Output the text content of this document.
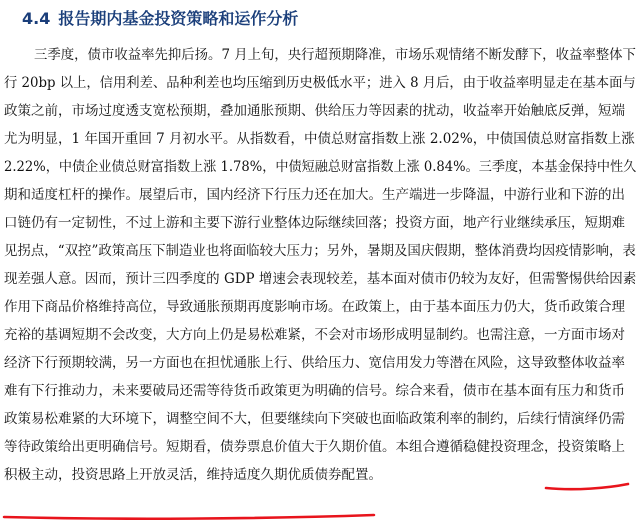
4.4 报告期内基金投资策略和运作分析
三季度，债市收益率先抑后扬。7 月上旬，央行超预期降准，市场乐观情绪不断发酵下，收益率整体下
行 20bp 以上，信用利差、品种利差也均压缩到历史极低水平；进入 8 月后，由于收益率明显走在基本面与
政策之前，市场过度透支宽松预期，叠加通胀预期、供给压力等因素的扰动，收益率开始触底反弹，短端
尤为明显，1 年国开重回 7 月初水平。从指数看，中债总财富指数上涨 2.02%，中债国债总财富指数上涨
2.22%，中债企业债总财富指数上涨 1.78%，中债短融总财富指数上涨 0.84%。三季度，本基金保持中性久
期和适度杠杆的操作。展望后市，国内经济下行压力还在加大。生产端进一步降温，中游行业和下游的出
口链仍有一定韧性，不过上游和主要下游行业整体边际继续回落；投资方面，地产行业继续承压，短期难
见拐点，“双控”政策高压下制造业也将面临较大压力；另外，暑期及国庆假期，整体消费均因疫情影响，表
现差强人意。因而，预计三四季度的 GDP 增速会表现较差，基本面对债市仍较为友好，但需警惕供给因素
作用下商品价格维持高位，导致通胀预期再度影响市场。在政策上，由于基本面压力仍大，货币政策合理
充裕的基调短期不会改变，大方向上仍是易松难紧，不会对市场形成明显制约。也需注意，一方面市场对
经济下行预期较满，另一方面也在担忧通胀上行、供给压力、宽信用发力等潜在风险，这导致整体收益率
难有下行推动力，未来要破局还需等待货币政策更为明确的信号。综合来看，债市在基本面有压力和货币
政策易松难紧的大环境下，调整空间不大，但要继续向下突破也面临政策利率的制约，后续行情演绎仍需
等待政策给出更明确信号。短期看，债券票息价值大于久期价值。本组合遵循稳健投资理念，投资策略上
积极主动，投资思路上开放灵活，维持适度久期优质债券配置。
